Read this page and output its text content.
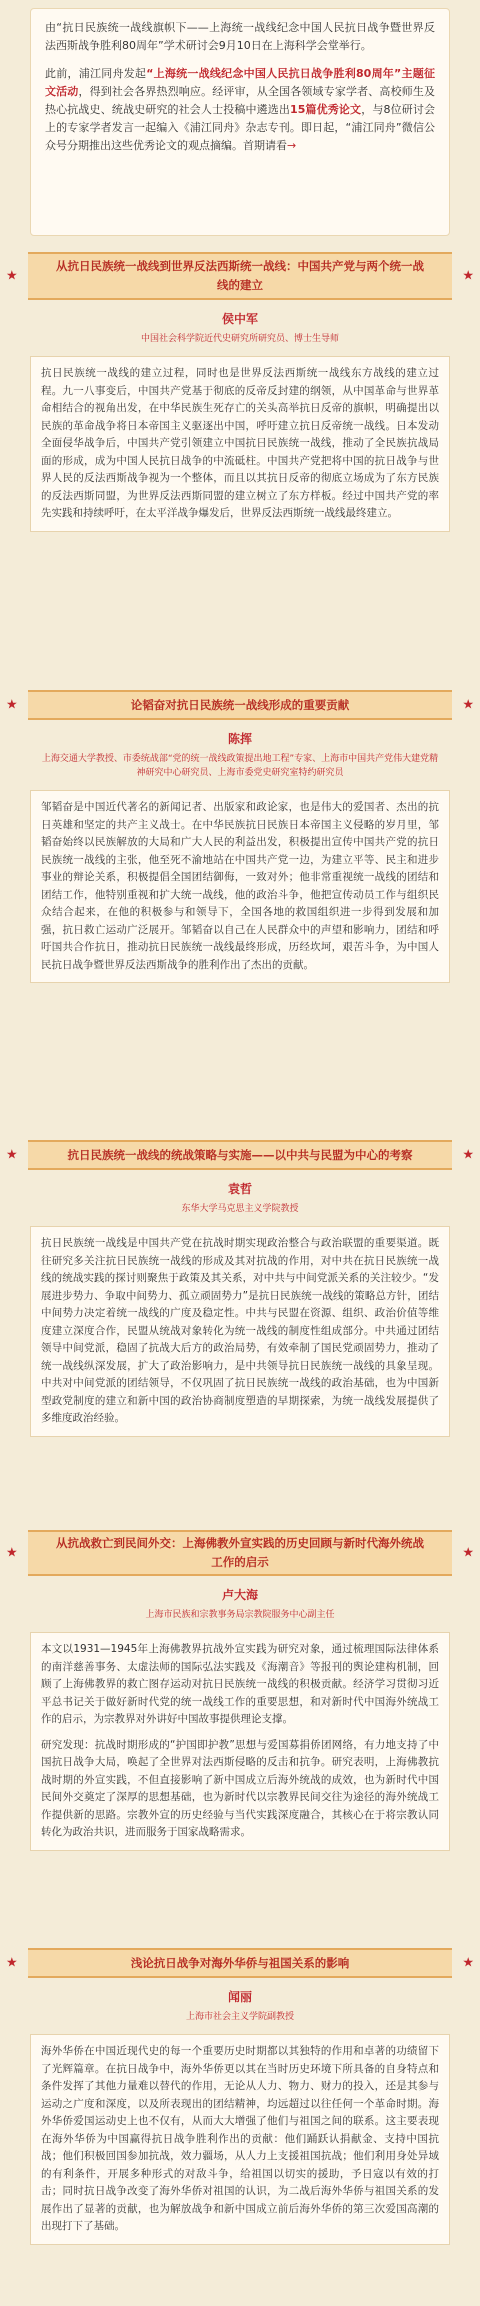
由“抗日民族统一战线旗帜下——上海统一战线纪念中国人民抗日战争暨世界反法西斯战争胜利80周年”学术研讨会9月10日在上海科学会堂举行。

此前，浦江同舟发起“上海统一战线纪念中国人民抗日战争胜利80周年”主题征文活动，得到社会各界热烈响应。经评审，从全国各领域专家学者、高校师生及热心抗战史、统战史研究的社会人士投稿中遴选出15篇优秀论文，与8位研讨会上的专家学者发言一起编入《浦江同舟》杂志专刊。即日起，“浦江同舟”微信公众号分期推出这些优秀论文的观点摘编。首期请看→

★
从抗日民族统一战线到世界反法西斯统一战线：中国共产党与两个统一战线的建立
★
侯中军
中国社会科学院近代史研究所研究员、博士生导师

抗日民族统一战线的建立过程，同时也是世界反法西斯统一战线东方战线的建立过程。九一八事变后，中国共产党基于彻底的反帝反封建的纲领，从中国革命与世界革命相结合的视角出发，在中华民族生死存亡的关头高举抗日反帝的旗帜，明确提出以民族的革命战争将日本帝国主义驱逐出中国，呼吁建立抗日反帝统一战线。日本发动全面侵华战争后，中国共产党引领建立中国抗日民族统一战线，推动了全民族抗战局面的形成，成为中国人民抗日战争的中流砥柱。中国共产党把将中国的抗日战争与世界人民的反法西斯战争视为一个整体，而且以其抗日反帝的彻底立场成为了东方民族的反法西斯同盟，为世界反法西斯同盟的建立树立了东方样板。经过中国共产党的率先实践和持续呼吁，在太平洋战争爆发后，世界反法西斯统一战线最终建立。

★	论韬奋对抗日民族统一战线形成的重要贡献	★
陈挥
上海交通大学教授、市委统战部“党的统一战线政策提出地工程”专家、上海市中国共产党伟大建党精神研究中心研究员、上海市委党史研究室特约研究员

邹韬奋是中国近代著名的新闻记者、出版家和政论家，也是伟大的爱国者、杰出的抗日英雄和坚定的共产主义战士。在中华民族抗日民族日本帝国主义侵略的岁月里，邹韬奋始终以民族解放的大局和广大人民的利益出发，积极提出宣传中国共产党的抗日民族统一战线的主张，他至死不渝地站在中国共产党一边，为建立平等、民主和进步事业的辩论关系，积极提倡全国团结御侮，一致对外；他非常重视统一战线的团结和团结工作，他特别重视和扩大统一战线，他的政治斗争，他把宣传动员工作与组织民众结合起来，在他的积极参与和领导下，全国各地的救国组织进一步得到发展和加强，抗日救亡运动广泛展开。邹韬奋以自己在人民群众中的声望和影响力，团结和呼吁国共合作抗日，推动抗日民族统一战线最终形成，历经坎坷，艰苦斗争，为中国人民抗日战争暨世界反法西斯战争的胜利作出了杰出的贡献。

★	抗日民族统一战线的统战策略与实施——以中共与民盟为中心的考察	★
袁哲
东华大学马克思主义学院教授

抗日民族统一战线是中国共产党在抗战时期实现政治整合与政治联盟的重要渠道。既往研究多关注抗日民族统一战线的形成及其对抗战的作用，对中共在抗日民族统一战线的统战实践的探讨则聚焦于政策及其关系，对中共与中间党派关系的关注较少。“发展进步势力、争取中间势力、孤立顽固势力”是抗日民族统一战线的策略总方针，团结中间势力决定着统一战线的广度及稳定性。中共与民盟在资源、组织、政治价值等维度建立深度合作，民盟从统战对象转化为统一战线的制度性组成部分。中共通过团结领导中间党派，稳固了抗战大后方的政治局势，有效牵制了国民党顽固势力，推动了统一战线纵深发展，扩大了政治影响力，是中共领导抗日民族统一战线的具象呈现。中共对中间党派的团结领导，不仅巩固了抗日民族统一战线的政治基础，也为中国新型政党制度的建立和新中国的政治协商制度塑造的早期探索，为统一战线发展提供了多维度政治经验。

★
从抗战救亡到民间外交：上海佛教外宣实践的历史回顾与新时代海外统战工作的启示
★
卢大海
上海市民族和宗教事务局宗教院服务中心副主任

本文以1931—1945年上海佛教界抗战外宣实践为研究对象，通过梳理国际法律体系的南洋慈善事务、太虚法师的国际弘法实践及《海潮音》等报刊的舆论建构机制，回顾了上海佛教界的救亡图存运动对抗日民族统一战线的积极贡献。经济学习贯彻习近平总书记关于做好新时代党的统一战线工作的重要思想，和对新时代中国海外统战工作的启示，为宗教界对外讲好中国故事提供理论支撑。

研究发现：抗战时期形成的“护国即护教”思想与爱国募捐侨团网络，有力地支持了中国抗日战争大局，唤起了全世界对法西斯侵略的反击和抗争。研究表明，上海佛教抗战时期的外宣实践，不但直接影响了新中国成立后海外统战的成效，也为新时代中国民间外交奠定了深厚的思想基础，也为新时代以宗教界民间交往为途径的海外统战工作提供新的思路。宗教外宣的历史经验与当代实践深度融合，其核心在于将宗教认同转化为政治共识，进而服务于国家战略需求。

★	浅论抗日战争对海外华侨与祖国关系的影响	★
闻丽
上海市社会主义学院副教授

海外华侨在中国近现代史的每一个重要历史时期都以其独特的作用和卓著的功绩留下了光辉篇章。在抗日战争中，海外华侨更以其在当时历史环境下所具备的自身特点和条件发挥了其他力量难以替代的作用，无论从人力、物力、财力的投入，还是其参与运动之广度和深度，以及所表现出的团结精神，均远超过以往任何一个革命时期。海外华侨爱国运动史上也不仅有，从而大大增强了他们与祖国之间的联系。这主要表现在海外华侨为中国赢得抗日战争胜利作出的贡献：他们踊跃认捐献金、支持中国抗战；他们积极回国参加抗战，效力疆场，从人力上支援祖国抗战；他们利用身处异域的有利条件，开展多种形式的对敌斗争，给祖国以切实的援助，予日寇以有效的打击；同时抗日战争改变了海外华侨对祖国的认识，为二战后海外华侨与祖国关系的发展作出了显著的贡献，也为解放战争和新中国成立前后海外华侨的第三次爱国高潮的出现打下了基础。
